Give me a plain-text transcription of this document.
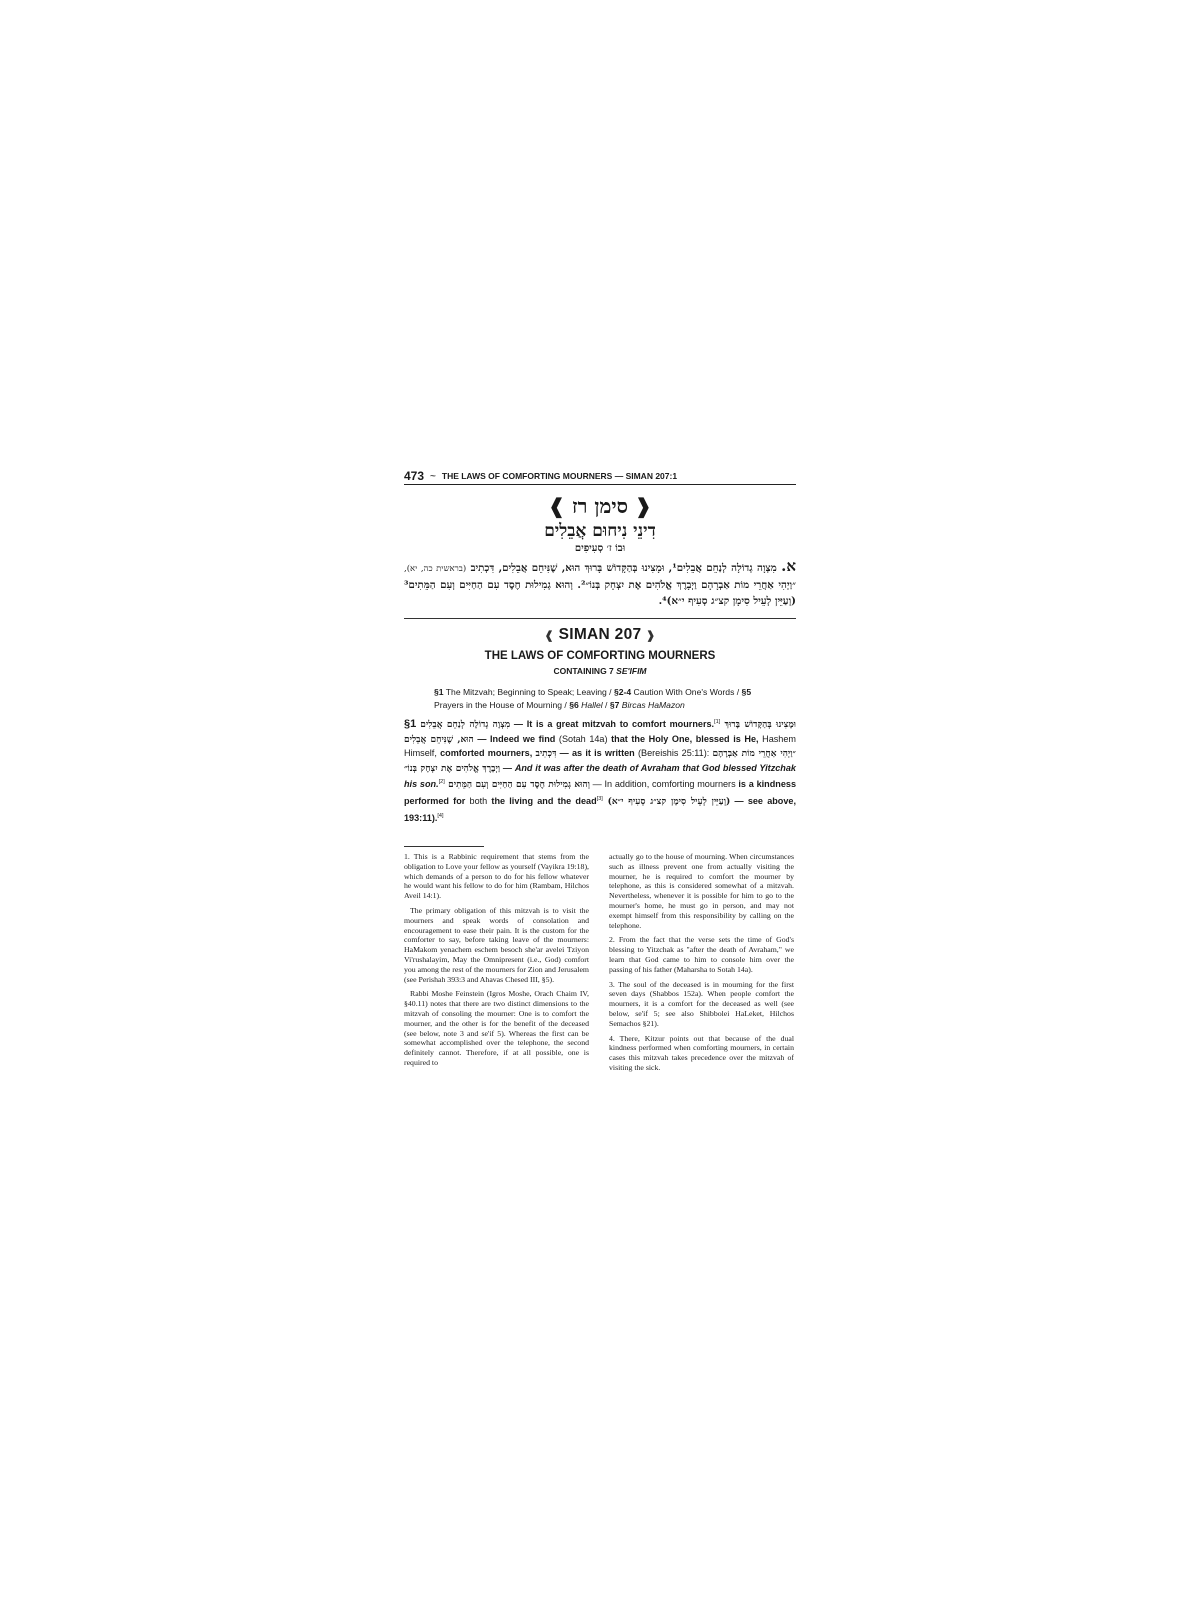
473 ~ THE LAWS OF COMFORTING MOURNERS — SIMAN 207:1
❰ סימן רז ❱
דִינֵי נִיחוּם אֲבֵלִים
וּבוֹ ז׳ סְעִיפִים
א. מִצְוָה גְדוֹלָה לְנַחֵם אֲבֵלִים¹, וּמָצִינוּ בְּהַקָּדוֹשׁ בָּרוּךְ הוּא, שֶׁנִּיחֵם אֲבֵלִים, דִּכְתִיב (בראשית כה, יא), ״וַיְהִי אַחֲרֵי מוֹת אַבְרָהָם וַיְבָרֶךְ אֱלֹהִים אֶת יִצְחָק בְּנוֹ״². וְהוּא גְמִילוּת חֶסֶד עִם הַחַיִּים וְעִם הַמֵּתִים³ (וְעַיֵּין לְעֵיל סִימָן קצ״ג סְעִיף י״א)⁴.
❰ SIMAN 207 ❱
THE LAWS OF COMFORTING MOURNERS
CONTAINING 7 SE'IFIM
§1 The Mitzvah; Beginning to Speak; Leaving / §2-4 Caution With One's Words / §5 Prayers in the House of Mourning / §6 Hallel / §7 Bircas HaMazon
§1 מִצְוָה גְדוֹלָה לְנַחֵם אֲבֵלִים — It is a great mitzvah to comfort mourners.[1] וּמָצִינוּ בְּהַקָּדוֹשׁ בָּרוּךְ הוּא, שֶׁנִּיחֵם אֲבֵלִים — Indeed we find (Sotah 14a) that the Holy One, blessed is He, Hashem Himself, comforted mourners, דִּכְתִיב — as it is written (Bereishis 25:11): ״וַיְהִי אַחֲרֵי מוֹת אַבְרָהָם וַיְבָרֶךְ אֱלֹהִים אֶת יִצְחָק בְּנוֹ״ — And it was after the death of Avraham that God blessed Yitzchak his son.[2] וְהוּא גְמִילוּת חֶסֶד עִם הַחַיִּים וְעִם הַמֵּתִים — In addition, comforting mourners is a kindness performed for both the living and the dead[3] (וְעַיֵּין לְעֵיל סִימָן קצ״ג סְעִיף י״א) — see above, 193:11).[4]

1. This is a Rabbinic requirement that stems from the obligation to Love your fellow as yourself (Vayikra 19:18), which demands of a person to do for his fellow whatever he would want his fellow to do for him (Rambam, Hilchos Aveil 14:1).

The primary obligation of this mitzvah is to visit the mourners and speak words of consolation and encouragement to ease their pain. It is the custom for the comforter to say, before taking leave of the mourners: HaMakom yenachem eschem besoch she'ar avelei Tziyon Vi'rushalayim, May the Omnipresent (i.e., God) comfort you among the rest of the mourners for Zion and Jerusalem (see Perishah 393:3 and Ahavas Chesed III, §5).

Rabbi Moshe Feinstein (Igros Moshe, Orach Chaim IV, §40.11) notes that there are two distinct dimensions to the mitzvah of consoling the mourner: One is to comfort the mourner, and the other is for the benefit of the deceased (see below, note 3 and se'if 5). Whereas the first can be somewhat accomplished over the telephone, the second definitely cannot. Therefore, if at all possible, one is required to

actually go to the house of mourning. When circumstances such as illness prevent one from actually visiting the mourner, he is required to comfort the mourner by telephone, as this is considered somewhat of a mitzvah. Nevertheless, whenever it is possible for him to go to the mourner's home, he must go in person, and may not exempt himself from this responsibility by calling on the telephone.

2. From the fact that the verse sets the time of God's blessing to Yitzchak as "after the death of Avraham," we learn that God came to him to console him over the passing of his father (Maharsha to Sotah 14a).

3. The soul of the deceased is in mourning for the first seven days (Shabbos 152a). When people comfort the mourners, it is a comfort for the deceased as well (see below, se'if 5; see also Shibbolei HaLeket, Hilchos Semachos §21).

4. There, Kitzur points out that because of the dual kindness performed when comforting mourners, in certain cases this mitzvah takes precedence over the mitzvah of visiting the sick.
